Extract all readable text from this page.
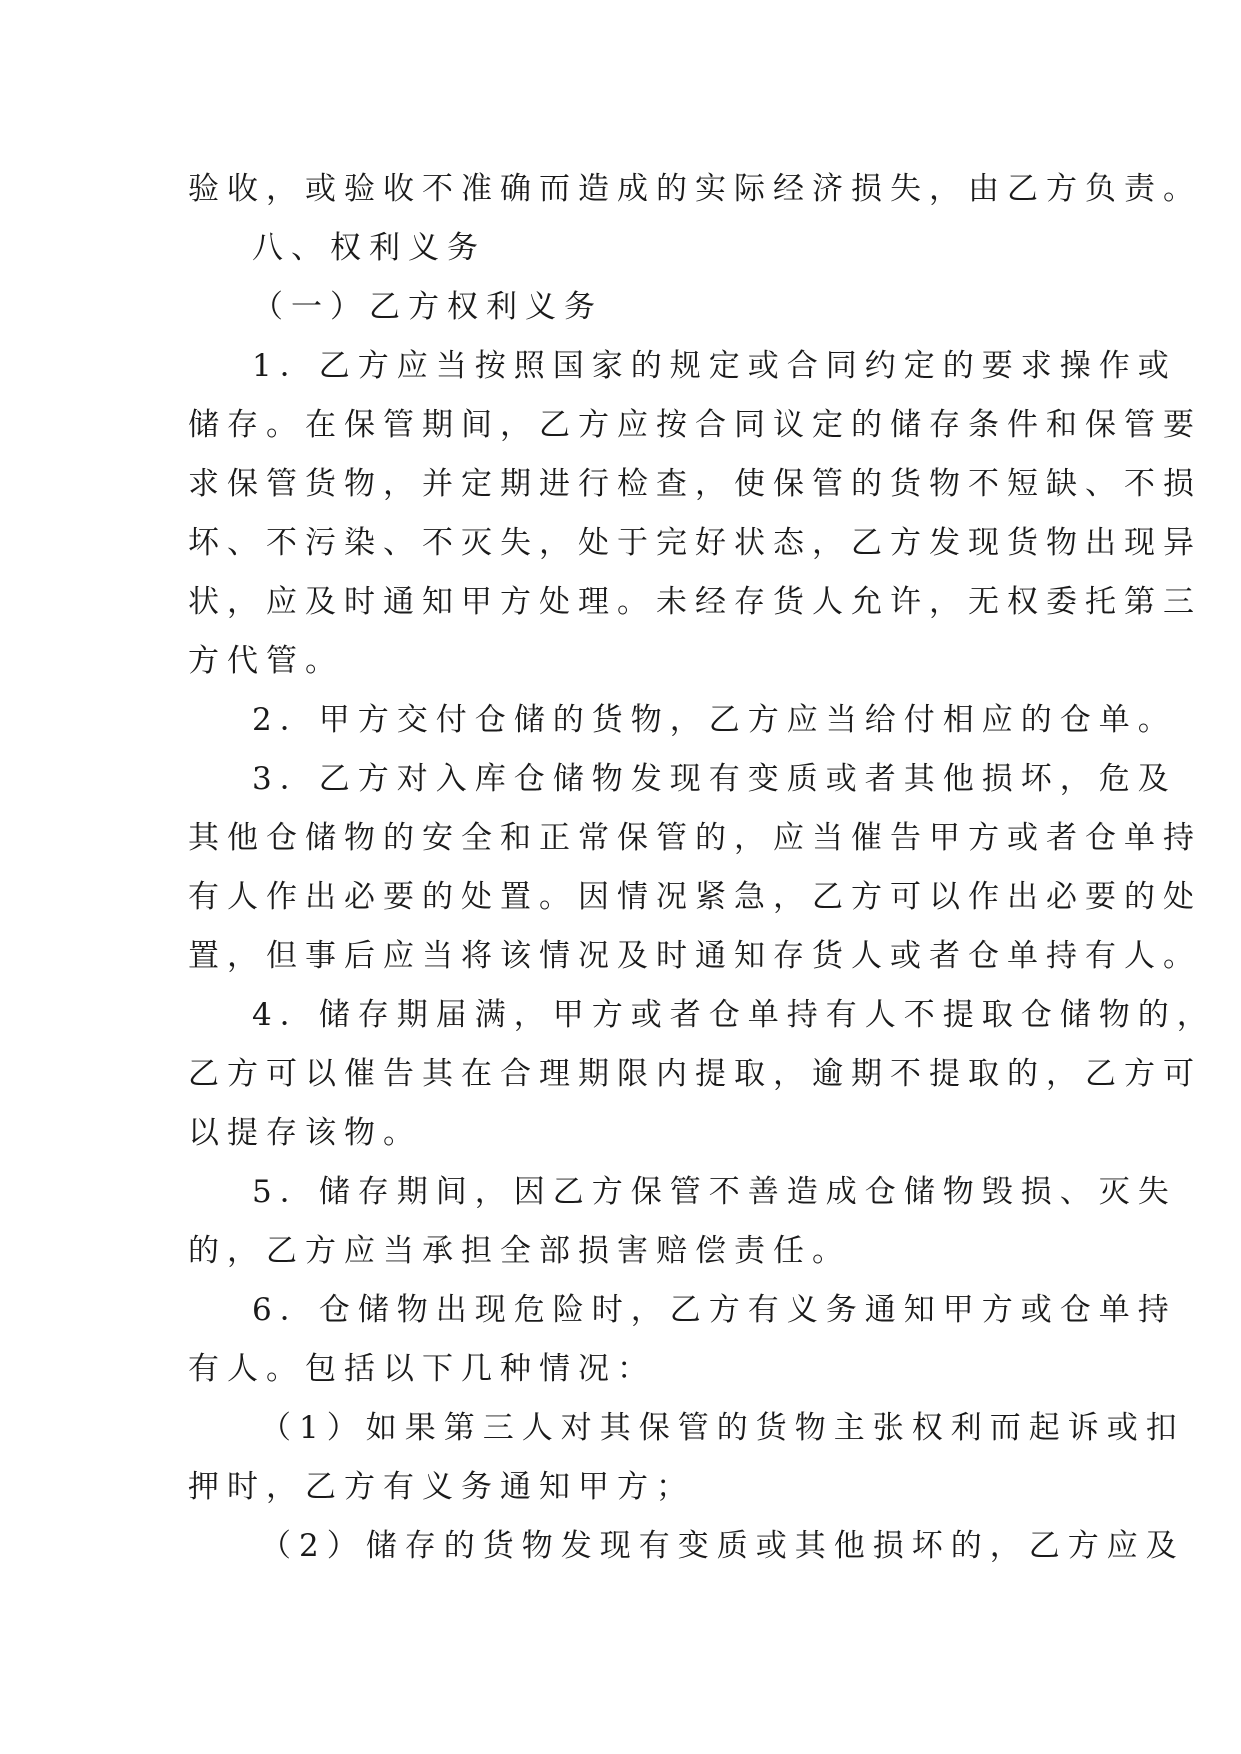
验收，或验收不准确而造成的实际经济损失，由乙方负责。
八、权利义务
（一）乙方权利义务
1．乙方应当按照国家的规定或合同约定的要求操作或
储存。在保管期间，乙方应按合同议定的储存条件和保管要
求保管货物，并定期进行检查，使保管的货物不短缺、不损
坏、不污染、不灭失，处于完好状态，乙方发现货物出现异
状，应及时通知甲方处理。未经存货人允许，无权委托第三
方代管。
2．甲方交付仓储的货物，乙方应当给付相应的仓单。
3．乙方对入库仓储物发现有变质或者其他损坏，危及
其他仓储物的安全和正常保管的，应当催告甲方或者仓单持
有人作出必要的处置。因情况紧急，乙方可以作出必要的处
置，但事后应当将该情况及时通知存货人或者仓单持有人。
4．储存期届满，甲方或者仓单持有人不提取仓储物的，
乙方可以催告其在合理期限内提取，逾期不提取的，乙方可
以提存该物。
5．储存期间，因乙方保管不善造成仓储物毁损、灭失
的，乙方应当承担全部损害赔偿责任。
6．仓储物出现危险时，乙方有义务通知甲方或仓单持
有人。包括以下几种情况：
（1）如果第三人对其保管的货物主张权利而起诉或扣
押时，乙方有义务通知甲方；
（2）储存的货物发现有变质或其他损坏的，乙方应及
